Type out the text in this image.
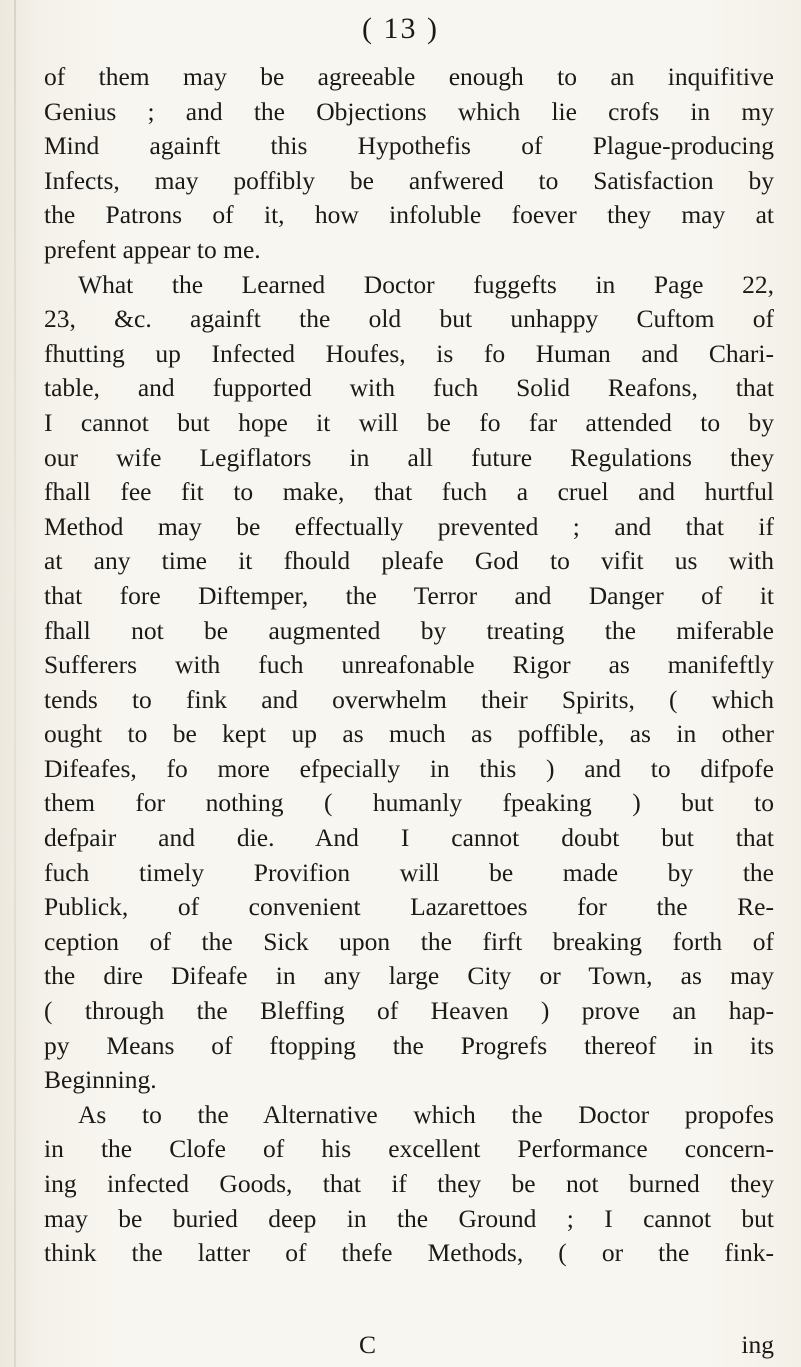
( 13 )
of them may be agreeable enough to an inquifitive
Genius ; and the Objections which lie crofs in my
Mind againft this Hypothefis of Plague-producing
Infects, may poffibly be anfwered to Satisfaction by
the Patrons of it, how infoluble foever they may at
prefent appear to me.
What the Learned Doctor fuggefts in Page 22,
23, &c. againft the old but unhappy Cuftom of
fhutting up Infected Houfes, is fo Human and Chari-
table, and fupported with fuch Solid Reafons, that
I cannot but hope it will be fo far attended to by
our wife Legiflators in all future Regulations they
fhall fee fit to make, that fuch a cruel and hurtful
Method may be effectually prevented ; and that if
at any time it fhould pleafe God to vifit us with
that fore Diftemper, the Terror and Danger of it
fhall not be augmented by treating the miferable
Sufferers with fuch unreafonable Rigor as manifeftly
tends to fink and overwhelm their Spirits, ( which
ought to be kept up as much as poffible, as in other
Difeafes, fo more efpecially in this ) and to difpofe
them for nothing ( humanly fpeaking ) but to
defpair and die. And I cannot doubt but that
fuch timely Provifion will be made by the
Publick, of convenient Lazarettoes for the Re-
ception of the Sick upon the firft breaking forth of
the dire Difeafe in any large City or Town, as may
( through the Bleffing of Heaven ) prove an hap-
py Means of ftopping the Progrefs thereof in its
Beginning.
As to the Alternative which the Doctor propofes
in the Clofe of his excellent Performance concern-
ing infected Goods, that if they be not burned they
may be buried deep in the Ground ; I cannot but
think the latter of thefe Methods, ( or the fink-
C	ing
